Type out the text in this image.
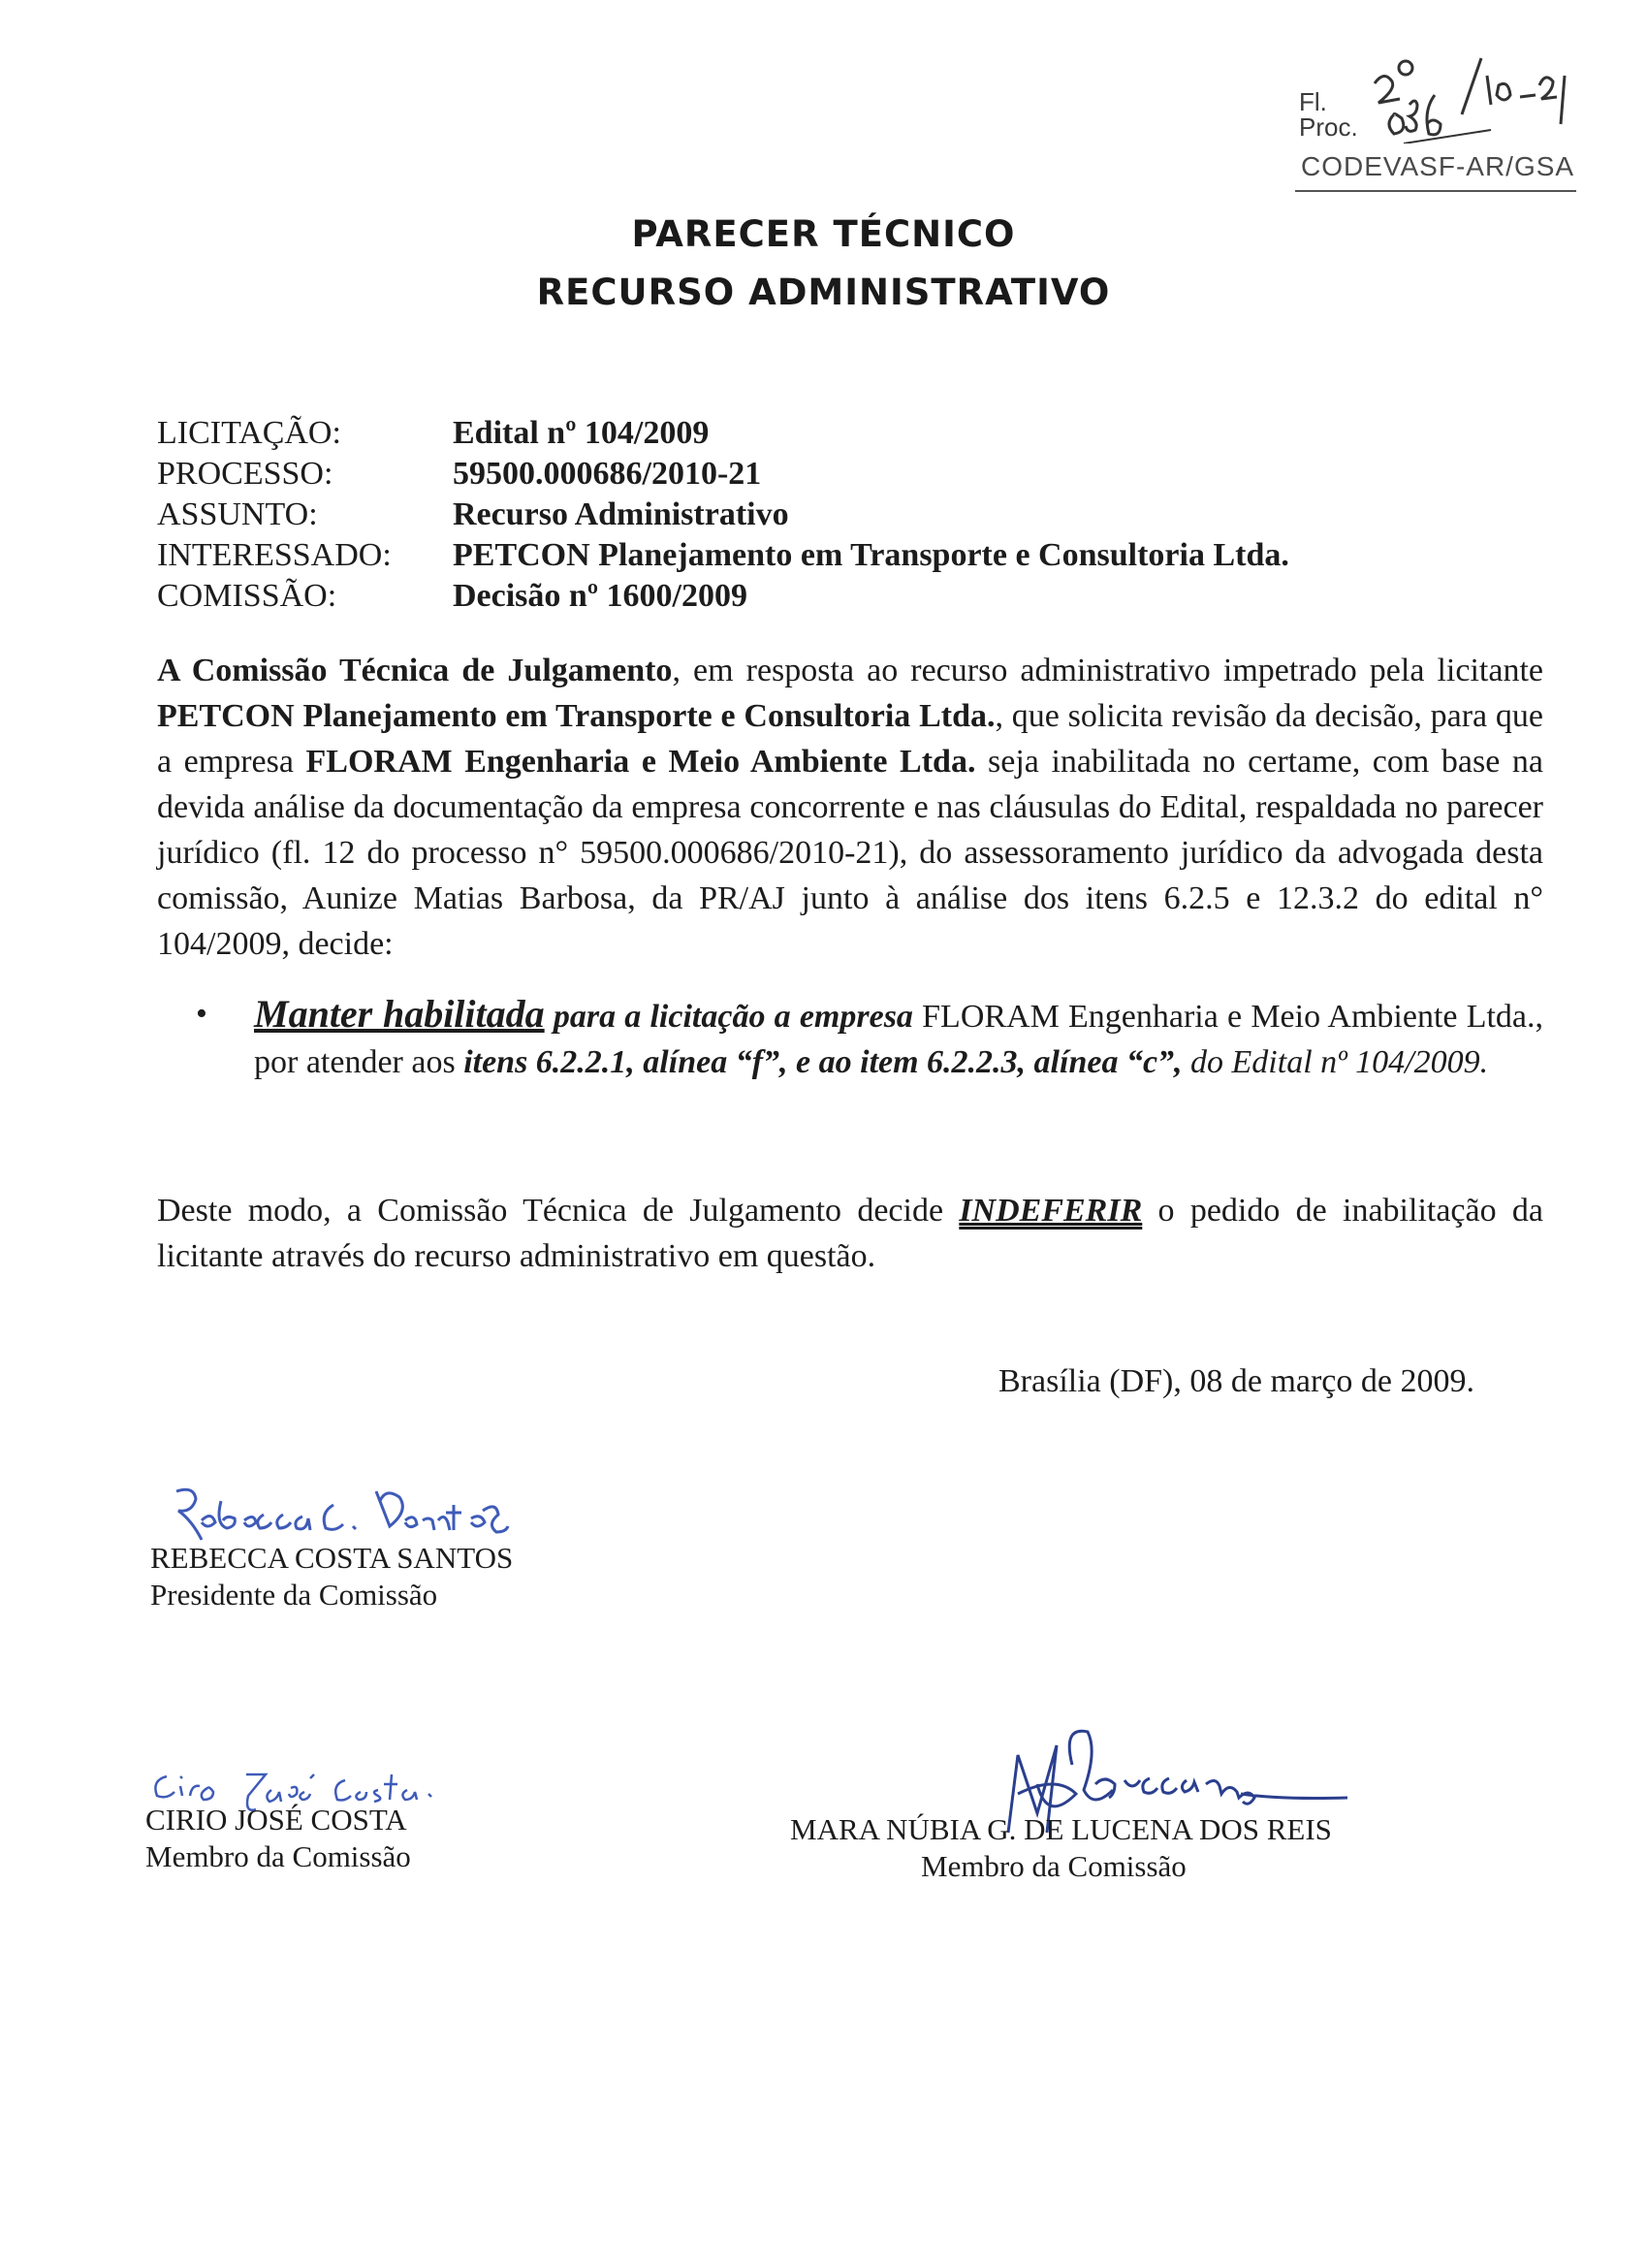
Fl.
Proc.
CODEVASF-AR/GSA
PARECER TÉCNICO
RECURSO ADMINISTRATIVO
LICITAÇÃO:	Edital nº 104/2009
PROCESSO:	59500.000686/2010-21
ASSUNTO:	Recurso Administrativo
INTERESSADO: PETCON Planejamento em Transporte e Consultoria Ltda.
COMISSÃO:	Decisão nº 1600/2009
A Comissão Técnica de Julgamento, em resposta ao recurso administrativo impetrado pela licitante PETCON Planejamento em Transporte e Consultoria Ltda., que solicita revisão da decisão, para que a empresa FLORAM Engenharia e Meio Ambiente Ltda. seja inabilitada no certame, com base na devida análise da documentação da empresa concorrente e nas cláusulas do Edital, respaldada no parecer jurídico (fl. 12 do processo n° 59500.000686/2010-21), do assessoramento jurídico da advogada desta comissão, Aunize Matias Barbosa, da PR/AJ junto à análise dos itens 6.2.5 e 12.3.2 do edital n° 104/2009, decide:
• Manter habilitada para a licitação a empresa FLORAM Engenharia e Meio Ambiente Ltda., por atender aos itens 6.2.2.1, alínea “f”, e ao item 6.2.2.3, alínea “c”, do Edital nº 104/2009.
Deste modo, a Comissão Técnica de Julgamento decide INDEFERIR o pedido de inabilitação da licitante através do recurso administrativo em questão.
Brasília (DF), 08 de março de 2009.
REBECCA COSTA SANTOS
Presidente da Comissão
CIRIO JOSÉ COSTA
Membro da Comissão
MARA NÚBIA G. DE LUCENA DOS REIS
Membro da Comissão
